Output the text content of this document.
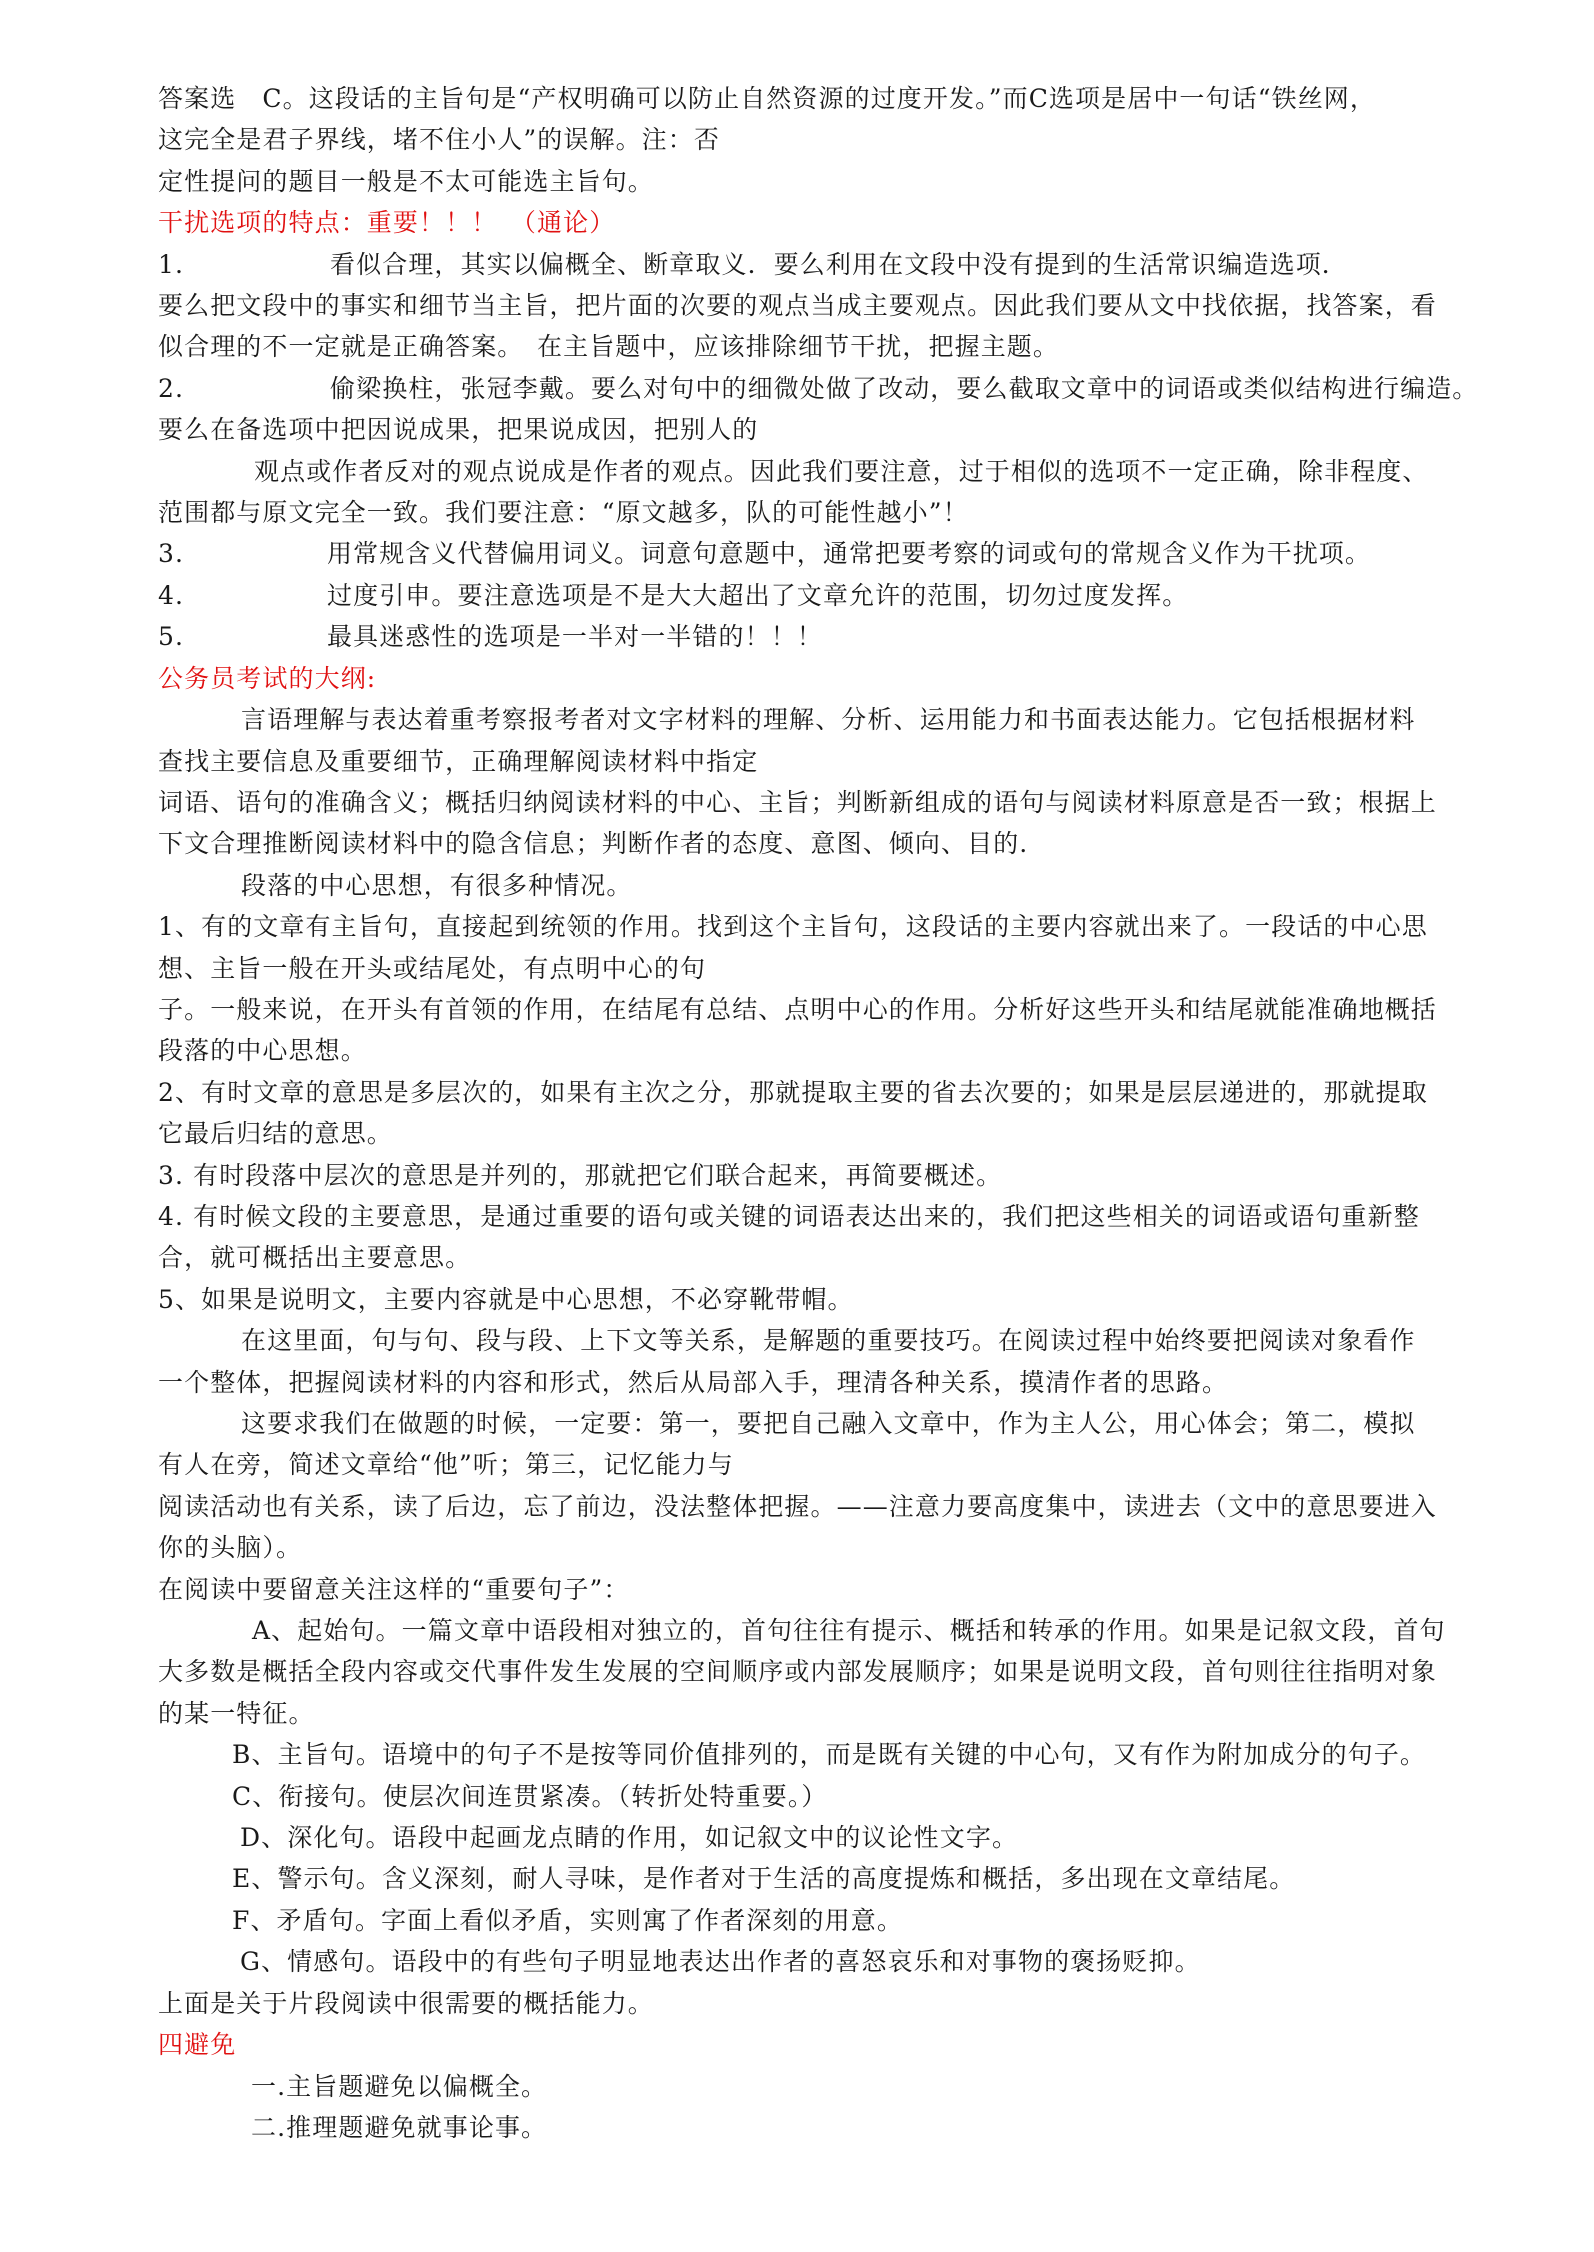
答案选　C。这段话的主旨句是“产权明确可以防止自然资源的过度开发。”而C选项是居中一句话“铁丝网，
这完全是君子界线，堵不住小人”的误解。注：否
定性提问的题目一般是不太可能选主旨句。
干扰选项的特点：重要！！！　（通论）
1.	看似合理，其实以偏概全、断章取义．要么利用在文段中没有提到的生活常识编造选项．
要么把文段中的事实和细节当主旨，把片面的次要的观点当成主要观点。因此我们要从文中找依据，找答案，看
似合理的不一定就是正确答案。　在主旨题中，应该排除细节干扰，把握主题。
2.	偷梁换柱，张冠李戴。要么对句中的细微处做了改动，要么截取文章中的词语或类似结构进行编造。
要么在备选项中把因说成果，把果说成因，把别人的
观点或作者反对的观点说成是作者的观点。因此我们要注意，过于相似的选项不一定正确，除非程度、
范围都与原文完全一致。我们要注意：“原文越多，队的可能性越小”！
3.	用常规含义代替偏用词义。词意句意题中，通常把要考察的词或句的常规含义作为干扰项。
4.	过度引申。要注意选项是不是大大超出了文章允许的范围，切勿过度发挥。
5.	最具迷惑性的选项是一半对一半错的！！！
公务员考试的大纲:
言语理解与表达着重考察报考者对文字材料的理解、分析、运用能力和书面表达能力。它包括根据材料
查找主要信息及重要细节，正确理解阅读材料中指定
词语、语句的准确含义；概括归纳阅读材料的中心、主旨；判断新组成的语句与阅读材料原意是否一致；根据上
下文合理推断阅读材料中的隐含信息；判断作者的态度、意图、倾向、目的.
段落的中心思想，有很多种情况。
1、有的文章有主旨句，直接起到统领的作用。找到这个主旨句，这段话的主要内容就出来了。一段话的中心思
想、主旨一般在开头或结尾处，有点明中心的句
子。一般来说，在开头有首领的作用，在结尾有总结、点明中心的作用。分析好这些开头和结尾就能准确地概括
段落的中心思想。
2、有时文章的意思是多层次的，如果有主次之分，那就提取主要的省去次要的；如果是层层递进的，那就提取
它最后归结的意思。
3. 有时段落中层次的意思是并列的，那就把它们联合起来，再简要概述。
4. 有时候文段的主要意思，是通过重要的语句或关键的词语表达出来的，我们把这些相关的词语或语句重新整
合，就可概括出主要意思。
5、如果是说明文，主要内容就是中心思想，不必穿靴带帽。
在这里面，句与句、段与段、上下文等关系，是解题的重要技巧。在阅读过程中始终要把阅读对象看作
一个整体，把握阅读材料的内容和形式，然后从局部入手，理清各种关系，摸清作者的思路。
这要求我们在做题的时候，一定要：第一，要把自己融入文章中，作为主人公，用心体会；第二，模拟
有人在旁，简述文章给“他”听；第三，记忆能力与
阅读活动也有关系，读了后边，忘了前边，没法整体把握。——注意力要高度集中，读进去（文中的意思要进入
你的头脑）。
在阅读中要留意关注这样的“重要句子”：
A、起始句。一篇文章中语段相对独立的，首句往往有提示、概括和转承的作用。如果是记叙文段，首句
大多数是概括全段内容或交代事件发生发展的空间顺序或内部发展顺序；如果是说明文段，首句则往往指明对象
的某一特征。
B、主旨句。语境中的句子不是按等同价值排列的，而是既有关键的中心句，又有作为附加成分的句子。
C、衔接句。使层次间连贯紧凑。（转折处特重要。）
D、深化句。语段中起画龙点睛的作用，如记叙文中的议论性文字。
E、警示句。含义深刻，耐人寻味，是作者对于生活的高度提炼和概括，多出现在文章结尾。
F、矛盾句。字面上看似矛盾，实则寓了作者深刻的用意。
G、情感句。语段中的有些句子明显地表达出作者的喜怒哀乐和对事物的褒扬贬抑。
上面是关于片段阅读中很需要的概括能力。
四避免
一.主旨题避免以偏概全。
二.推理题避免就事论事。
